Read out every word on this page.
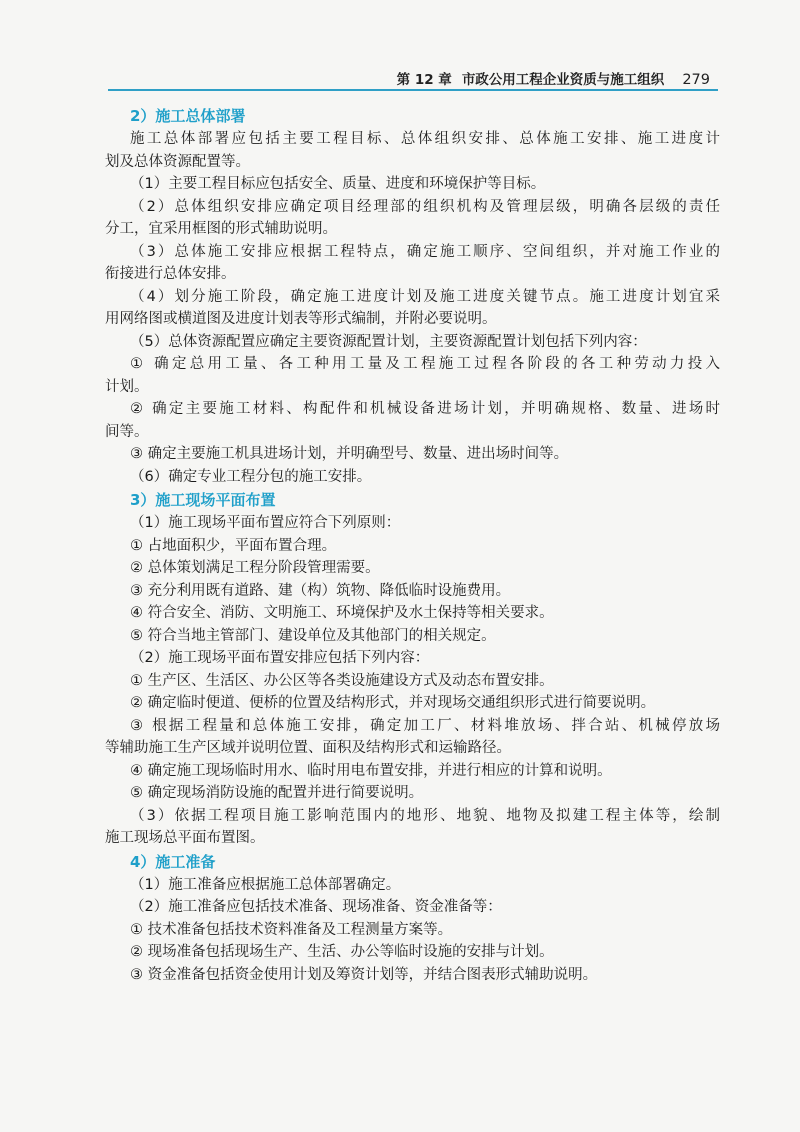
第 12 章 市政公用工程企业资质与施工组织 279
2）施工总体部署
施工总体部署应包括主要工程目标、总体组织安排、总体施工安排、施工进度计
划及总体资源配置等。
（1）主要工程目标应包括安全、质量、进度和环境保护等目标。
（2）总体组织安排应确定项目经理部的组织机构及管理层级，明确各层级的责任
分工，宜采用框图的形式辅助说明。
（3）总体施工安排应根据工程特点，确定施工顺序、空间组织，并对施工作业的
衔接进行总体安排。
（4）划分施工阶段，确定施工进度计划及施工进度关键节点。施工进度计划宜采
用网络图或横道图及进度计划表等形式编制，并附必要说明。
（5）总体资源配置应确定主要资源配置计划，主要资源配置计划包括下列内容：
① 确定总用工量、各工种用工量及工程施工过程各阶段的各工种劳动力投入
计划。
② 确定主要施工材料、构配件和机械设备进场计划，并明确规格、数量、进场时
间等。
③ 确定主要施工机具进场计划，并明确型号、数量、进出场时间等。
（6）确定专业工程分包的施工安排。
3）施工现场平面布置
（1）施工现场平面布置应符合下列原则：
① 占地面积少，平面布置合理。
② 总体策划满足工程分阶段管理需要。
③ 充分利用既有道路、建（构）筑物、降低临时设施费用。
④ 符合安全、消防、文明施工、环境保护及水土保持等相关要求。
⑤ 符合当地主管部门、建设单位及其他部门的相关规定。
（2）施工现场平面布置安排应包括下列内容：
① 生产区、生活区、办公区等各类设施建设方式及动态布置安排。
② 确定临时便道、便桥的位置及结构形式，并对现场交通组织形式进行简要说明。
③ 根据工程量和总体施工安排，确定加工厂、材料堆放场、拌合站、机械停放场
等辅助施工生产区域并说明位置、面积及结构形式和运输路径。
④ 确定施工现场临时用水、临时用电布置安排，并进行相应的计算和说明。
⑤ 确定现场消防设施的配置并进行简要说明。
（3）依据工程项目施工影响范围内的地形、地貌、地物及拟建工程主体等，绘制
施工现场总平面布置图。
4）施工准备
（1）施工准备应根据施工总体部署确定。
（2）施工准备应包括技术准备、现场准备、资金准备等：
① 技术准备包括技术资料准备及工程测量方案等。
② 现场准备包括现场生产、生活、办公等临时设施的安排与计划。
③ 资金准备包括资金使用计划及筹资计划等，并结合图表形式辅助说明。
